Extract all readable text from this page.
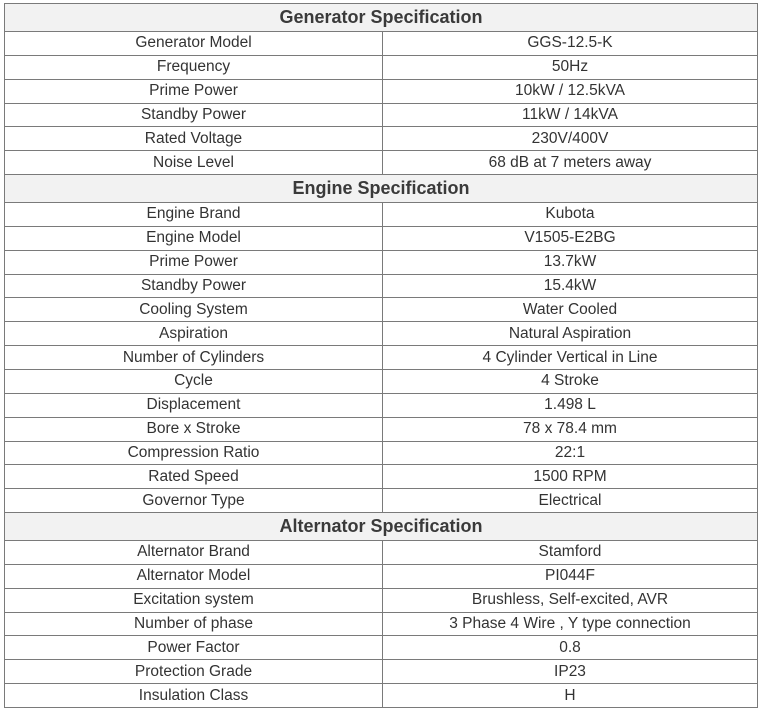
Generator Specification	
Generator Model	GGS-12.5-K
Frequency	50Hz
Prime Power	10kW / 12.5kVA
Standby Power	11kW / 14kVA
Rated Voltage	230V/400V
Noise Level	68 dB at 7 meters away
Engine Specification	
Engine Brand	Kubota
Engine Model	V1505-E2BG
Prime Power	13.7kW
Standby Power	15.4kW
Cooling System	Water Cooled
Aspiration	Natural Aspiration
Number of Cylinders	4 Cylinder Vertical in Line
Cycle	4 Stroke
Displacement	1.498 L
Bore x Stroke	78 x 78.4 mm
Compression Ratio	22:1
Rated Speed	1500 RPM
Governor Type	Electrical
Alternator Specification	
Alternator Brand	Stamford
Alternator Model	PI044F
Excitation system	Brushless, Self-excited, AVR
Number of phase	3 Phase 4 Wire , Y type connection
Power Factor	0.8
Protection Grade	IP23
Insulation Class	H
